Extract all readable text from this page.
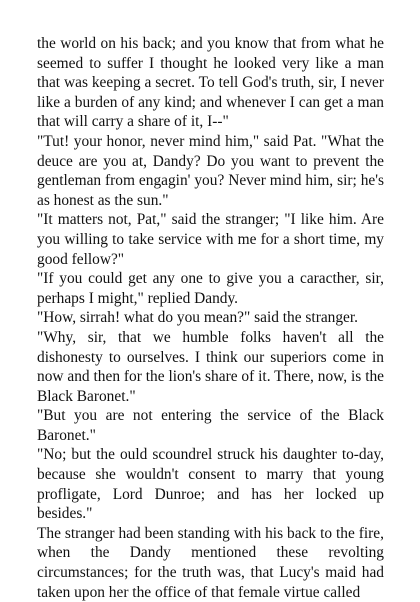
the world on his back; and you know that from what he seemed to suffer I thought he looked very like a man that was keeping a secret. To tell God's truth, sir, I never like a burden of any kind; and whenever I can get a man that will carry a share of it, I--"

"Tut! your honor, never mind him," said Pat. "What the deuce are you at, Dandy? Do you want to prevent the gentleman from engagin' you? Never mind him, sir; he's as honest as the sun."

"It matters not, Pat," said the stranger; "I like him. Are you willing to take service with me for a short time, my good fellow?"

"If you could get any one to give you a caracther, sir, perhaps I might," replied Dandy.

"How, sirrah! what do you mean?" said the stranger.

"Why, sir, that we humble folks haven't all the dishonesty to ourselves. I think our superiors come in now and then for the lion's share of it. There, now, is the Black Baronet."

"But you are not entering the service of the Black Baronet."

"No; but the ould scoundrel struck his daughter to-day, because she wouldn't consent to marry that young profligate, Lord Dunroe; and has her locked up besides."

The stranger had been standing with his back to the fire, when the Dandy mentioned these revolting circumstances; for the truth was, that Lucy's maid had taken upon her the office of that female virtue called
